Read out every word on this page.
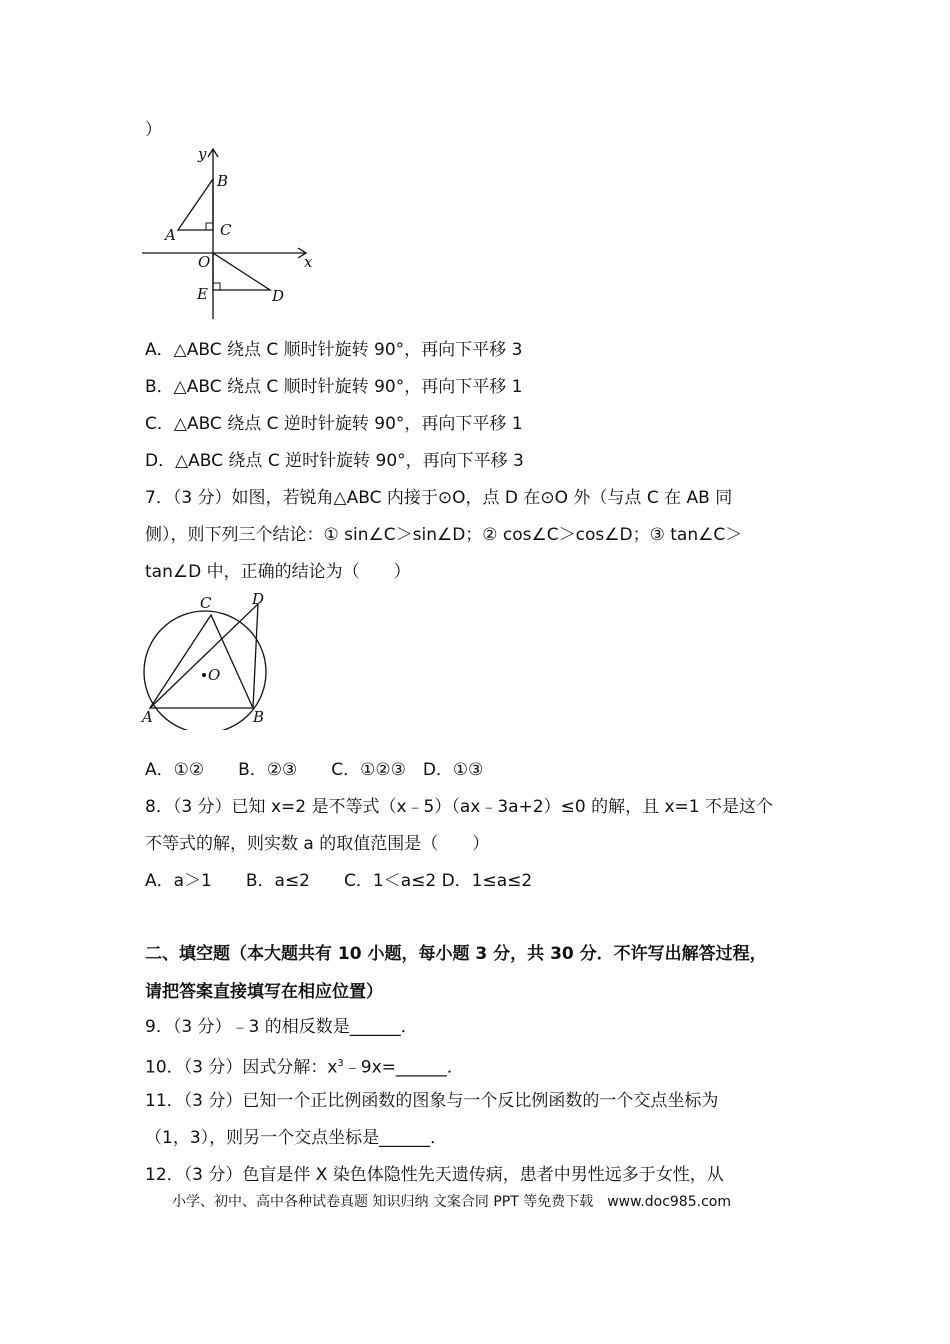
）
y
x
B
C
A
O
E	D
A．△ABC 绕点 C 顺时针旋转 90°，再向下平移 3
B．△ABC 绕点 C 顺时针旋转 90°，再向下平移 1
C．△ABC 绕点 C 逆时针旋转 90°，再向下平移 1
D．△ABC 绕点 C 逆时针旋转 90°，再向下平移 3
7．（3 分）如图，若锐角△ABC 内接于⊙O，点 D 在⊙O 外（与点 C 在 AB 同
侧），则下列三个结论：① sin∠C＞sin∠D；② cos∠C＞cos∠D；③ tan∠C＞
tan∠D 中，正确的结论为（　　）
C	D
O
A	B
A．①②　　B．②③　　C．①②③　D．①③
8．（3 分）已知 x=2 是不等式（x﹣5）（ax﹣3a+2）≤0 的解，且 x=1 不是这个
不等式的解，则实数 a 的取值范围是（　　）
A．a＞1　　B．a≤2　　C．1＜a≤2 D．1≤a≤2
二、填空题（本大题共有 10 小题，每小题 3 分，共 30 分．不许写出解答过程，
请把答案直接填写在相应位置）
9．（3 分）﹣3 的相反数是______．
10．（3 分）因式分解：$x^3﹣9x=\_\_\_\_\_\_$．
11．（3 分）已知一个正比例函数的图象与一个反比例函数的一个交点坐标为
（1，3），则另一个交点坐标是______．
12．（3 分）色盲是伴 X 染色体隐性先天遗传病，患者中男性远多于女性，从
小学、初中、高中各种试卷真题 知识归纳 文案合同 PPT 等免费下载　www.doc985.com
